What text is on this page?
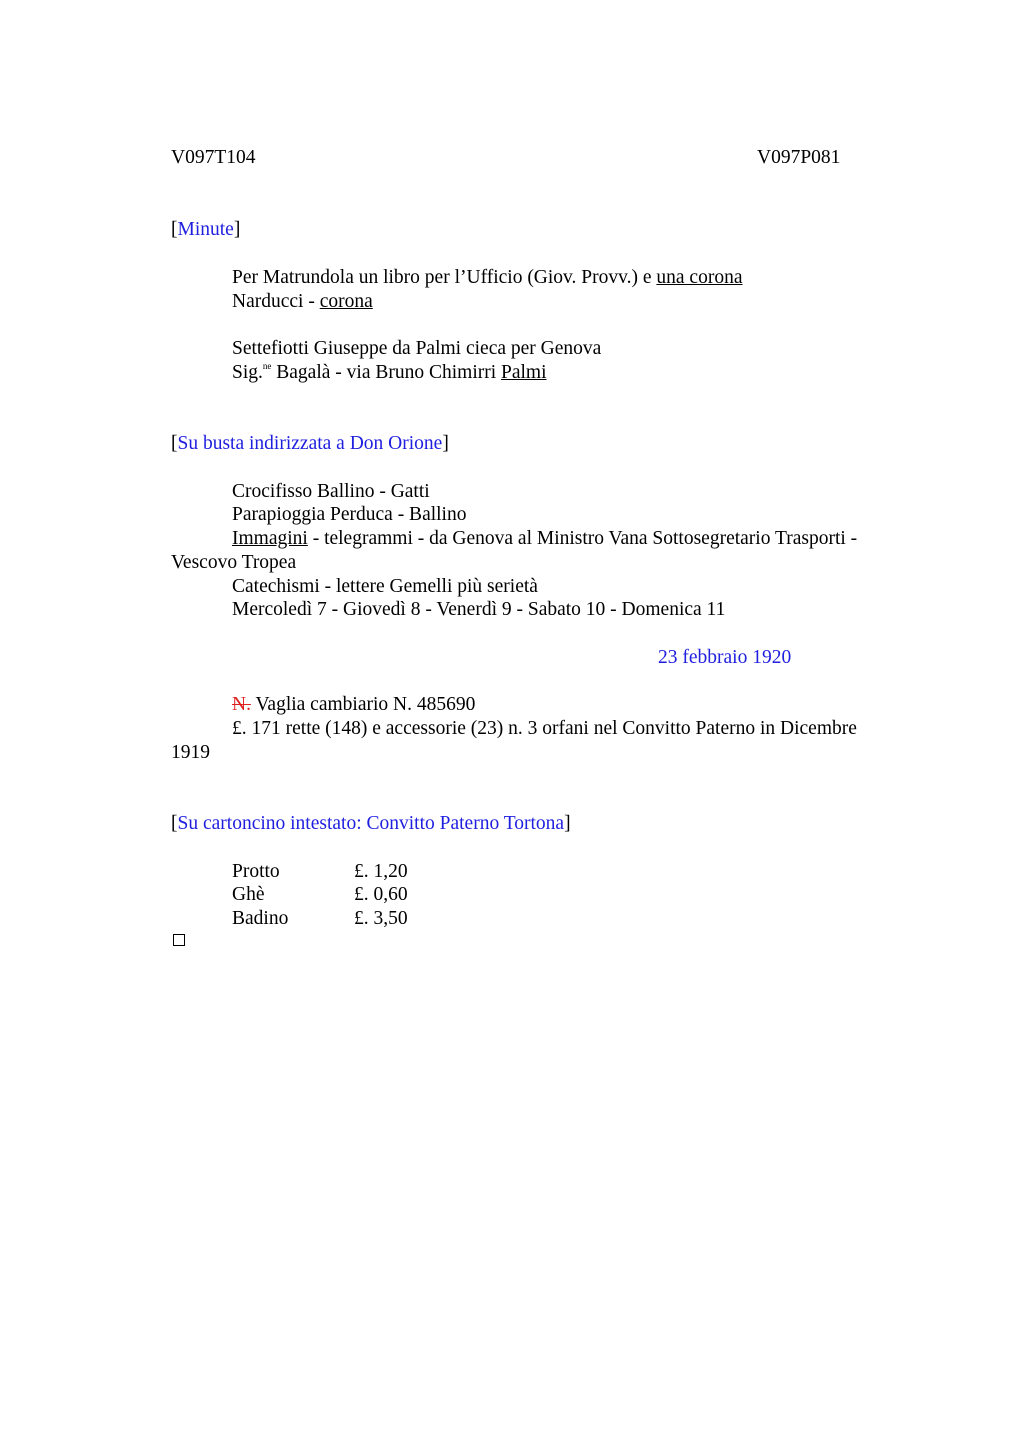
V097T104	V097P081
[Minute]
Per Matrundola un libro per l’Ufficio (Giov. Provv.) e una corona
Narducci - corona
Settefiotti Giuseppe da Palmi cieca per Genova
Sig.$^{ne}$ Bagalà - via Bruno Chimirri Palmi
[Su busta indirizzata a Don Orione]
Crocifisso Ballino - Gatti
Parapioggia Perduca - Ballino
Immagini - telegrammi - da Genova al Ministro Vana Sottosegretario Trasporti -
Vescovo Tropea
Catechismi - lettere Gemelli più serietà
Mercoledì 7 - Giovedì 8 - Venerdì 9 - Sabato 10 - Domenica 11
23 febbraio 1920
N. Vaglia cambiario N. 485690
£. 171 rette (148) e accessorie (23) n. 3 orfani nel Convitto Paterno in Dicembre
1919
[Su cartoncino intestato: Convitto Paterno Tortona]
Protto	£. 1,20
Ghè	£. 0,60
Badino	£. 3,50
